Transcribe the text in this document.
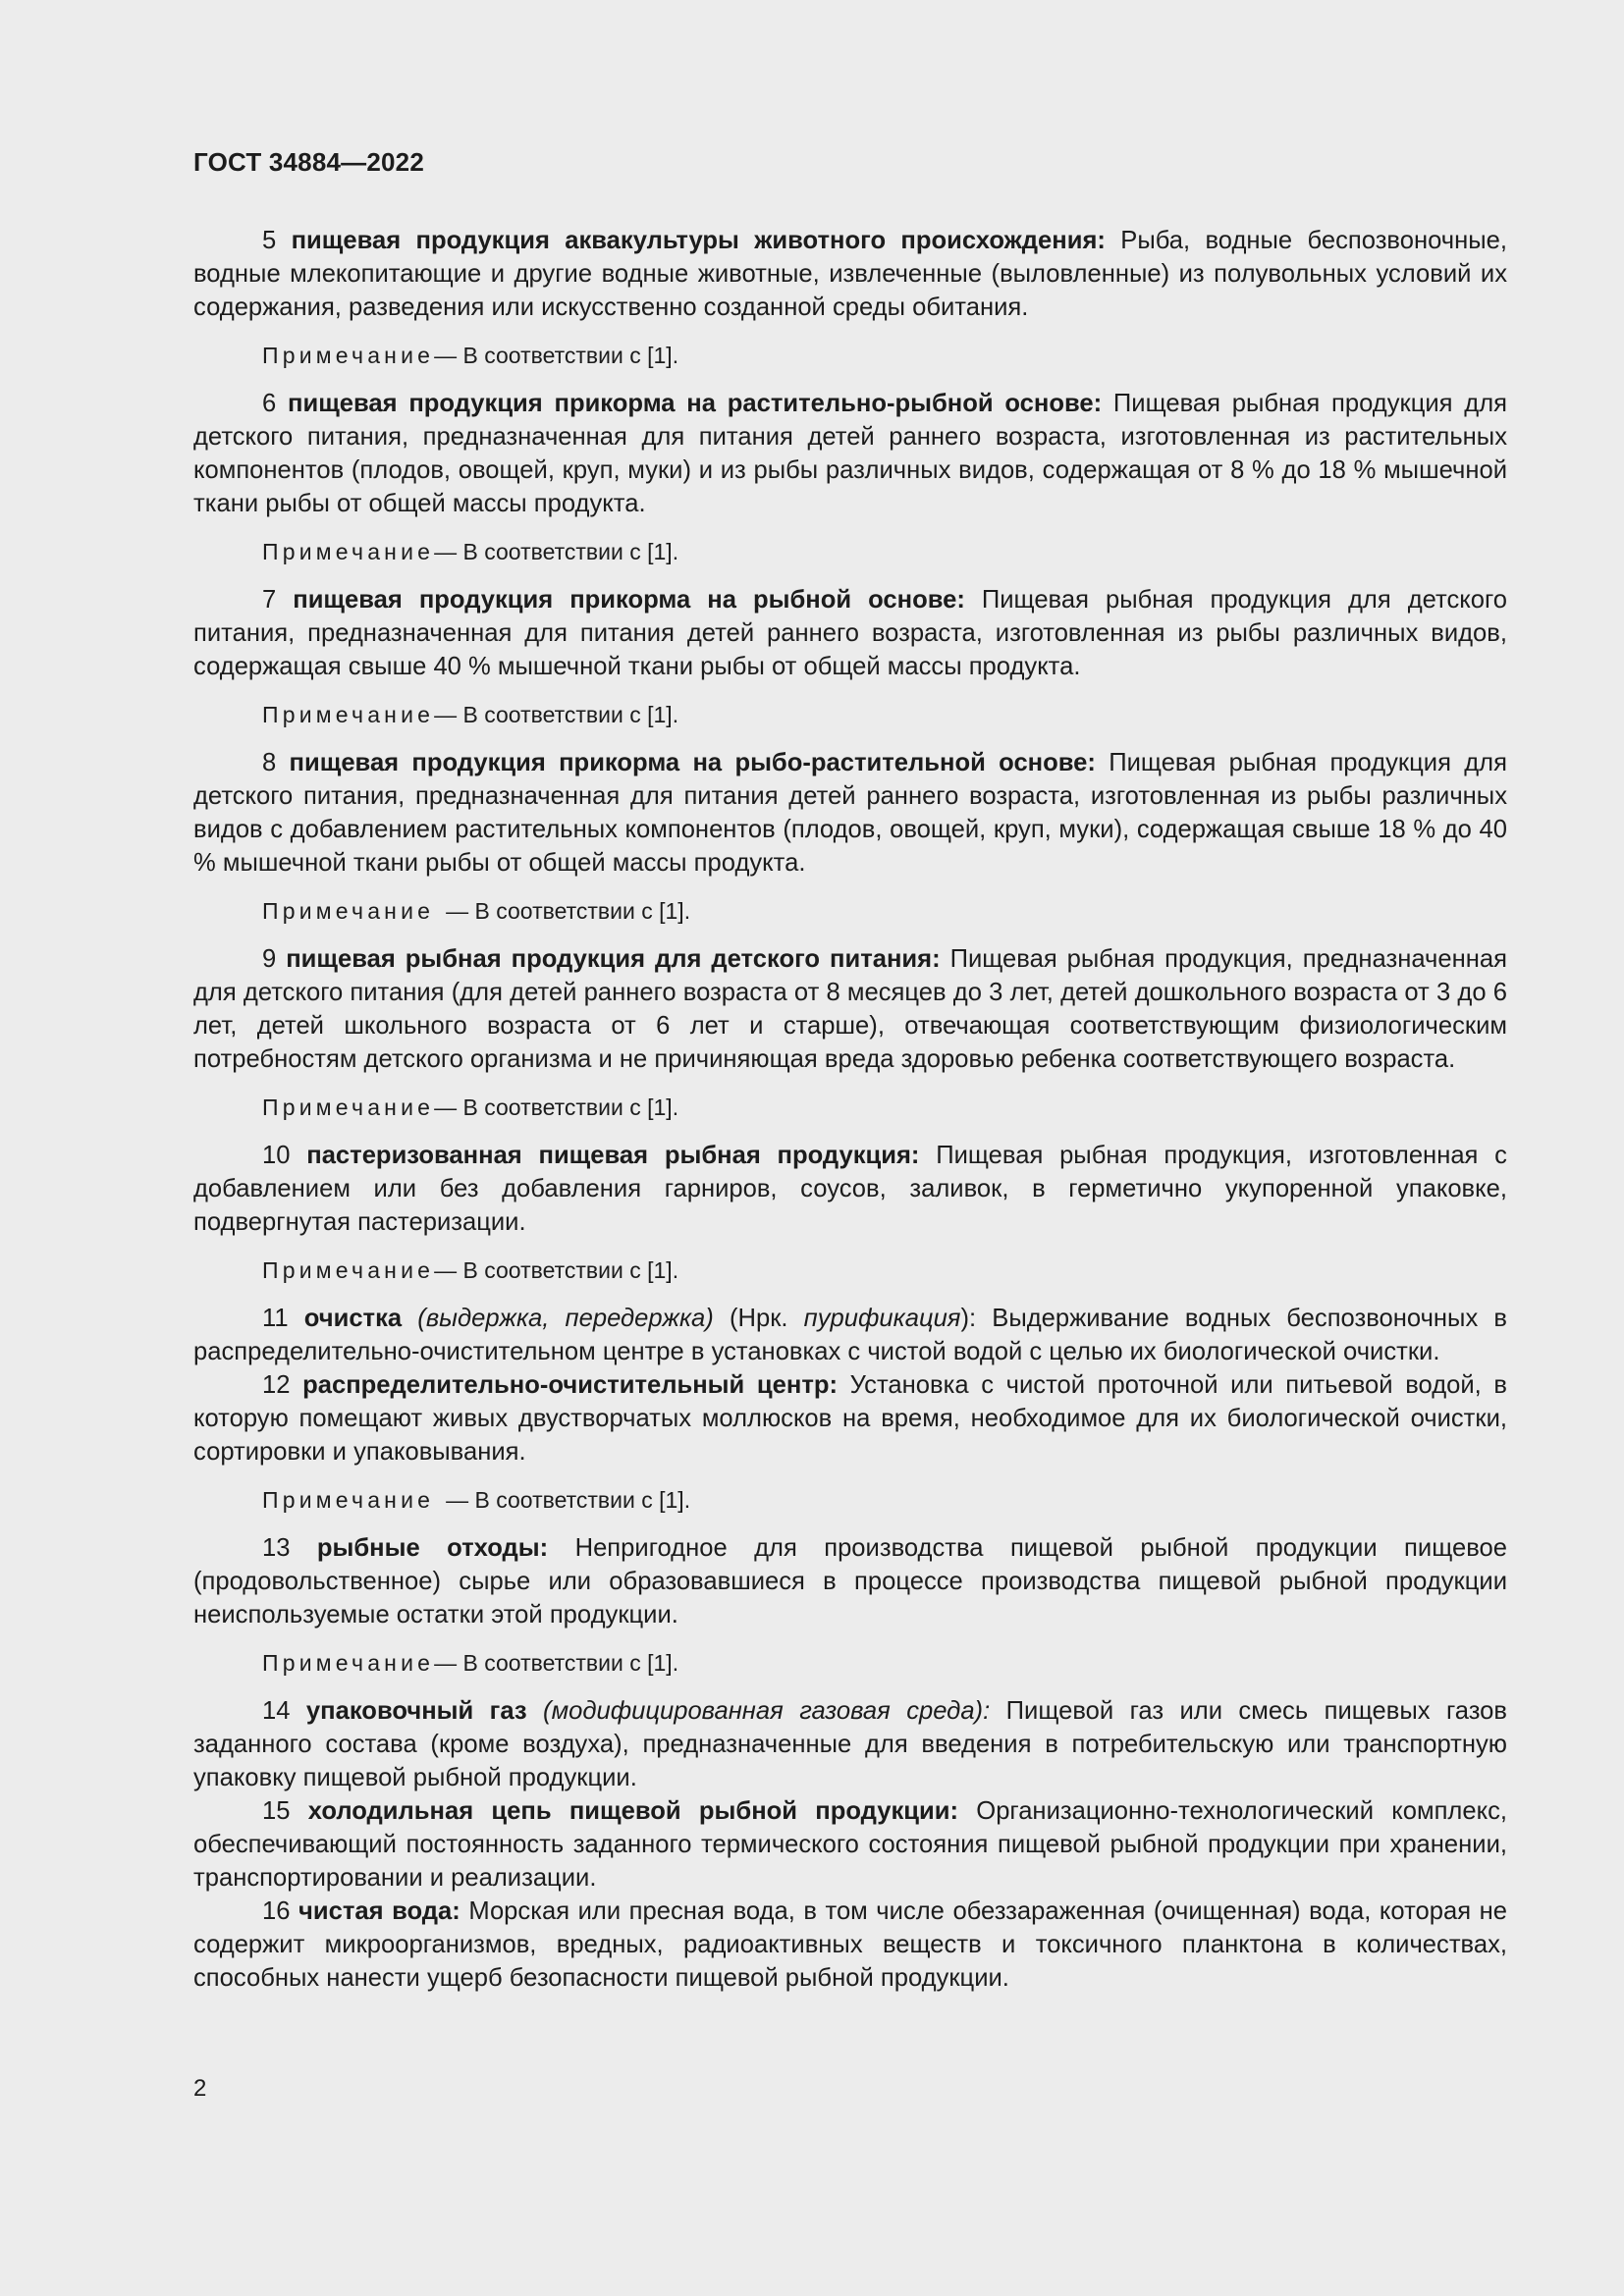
ГОСТ 34884—2022

5 пищевая продукция аквакультуры животного происхождения: Рыба, водные беспозвоночные, водные млекопитающие и другие водные животные, извлеченные (выловленные) из полувольных условий их содержания, разведения или искусственно созданной среды обитания.

Примечание— В соответствии с [1].

6 пищевая продукция прикорма на растительно-рыбной основе: Пищевая рыбная продукция для детского питания, предназначенная для питания детей раннего возраста, изготовленная из растительных компонентов (плодов, овощей, круп, муки) и из рыбы различных видов, содержащая от 8 % до 18 % мышечной ткани рыбы от общей массы продукта.

Примечание— В соответствии с [1].

7 пищевая продукция прикорма на рыбной основе: Пищевая рыбная продукция для детского питания, предназначенная для питания детей раннего возраста, изготовленная из рыбы различных видов, содержащая свыше 40 % мышечной ткани рыбы от общей массы продукта.

Примечание— В соответствии с [1].

8 пищевая продукция прикорма на рыбо-растительной основе: Пищевая рыбная продукция для детского питания, предназначенная для питания детей раннего возраста, изготовленная из рыбы различных видов с добавлением растительных компонентов (плодов, овощей, круп, муки), содержащая свыше 18 % до 40 % мышечной ткани рыбы от общей массы продукта.

Примечание — В соответствии с [1].

9 пищевая рыбная продукция для детского питания: Пищевая рыбная продукция, предназначенная для детского питания (для детей раннего возраста от 8 месяцев до 3 лет, детей дошкольного возраста от 3 до 6 лет, детей школьного возраста от 6 лет и старше), отвечающая соответствующим физиологическим потребностям детского организма и не причиняющая вреда здоровью ребенка соответствующего возраста.

Примечание— В соответствии с [1].

10 пастеризованная пищевая рыбная продукция: Пищевая рыбная продукция, изготовленная с добавлением или без добавления гарниров, соусов, заливок, в герметично укупоренной упаковке, подвергнутая пастеризации.

Примечание— В соответствии с [1].

11 очистка (выдержка, передержка) (Нрк. пурификация): Выдерживание водных беспозвоночных в распределительно-очистительном центре в установках с чистой водой с целью их биологической очистки.

12 распределительно-очистительный центр: Установка с чистой проточной или питьевой водой, в которую помещают живых двустворчатых моллюсков на время, необходимое для их биологической очистки, сортировки и упаковывания.

Примечание — В соответствии с [1].

13 рыбные отходы: Непригодное для производства пищевой рыбной продукции пищевое (продовольственное) сырье или образовавшиеся в процессе производства пищевой рыбной продукции неиспользуемые остатки этой продукции.

Примечание— В соответствии с [1].

14 упаковочный газ (модифицированная газовая среда): Пищевой газ или смесь пищевых газов заданного состава (кроме воздуха), предназначенные для введения в потребительскую или транспортную упаковку пищевой рыбной продукции.

15 холодильная цепь пищевой рыбной продукции: Организационно-технологический комплекс, обеспечивающий постоянность заданного термического состояния пищевой рыбной продукции при хранении, транспортировании и реализации.

16 чистая вода: Морская или пресная вода, в том числе обеззараженная (очищенная) вода, которая не содержит микроорганизмов, вредных, радиоактивных веществ и токсичного планктона в количествах, способных нанести ущерб безопасности пищевой рыбной продукции.

2
